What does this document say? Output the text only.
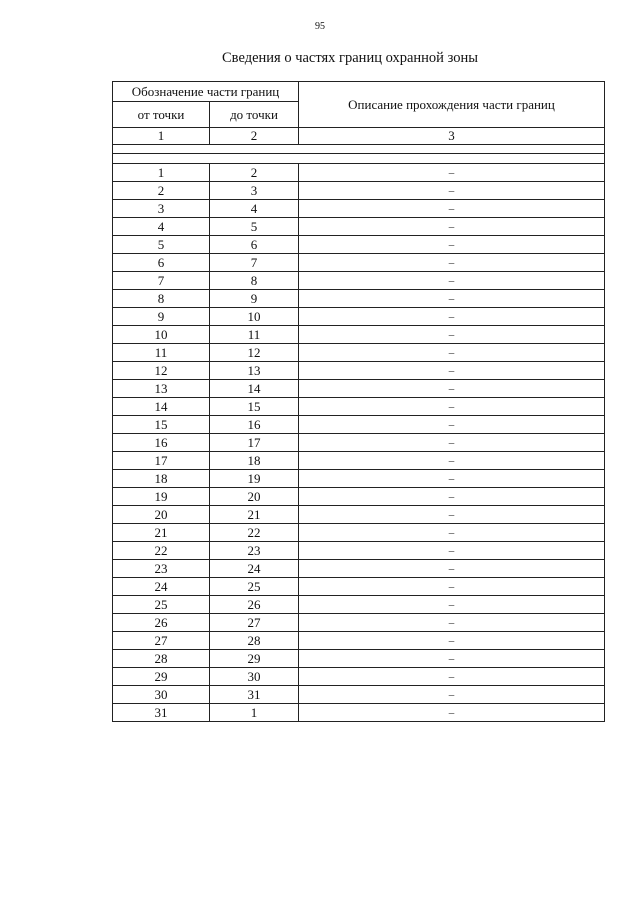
95
Сведения о частях границ охранной зоны
Обозначение части границ		Описание прохождения части границ
от точки	до точки	
1	2	3

1	2	–
2	3	–
3	4	–
4	5	–
5	6	–
6	7	–
7	8	–
8	9	–
9	10	–
10	11	–
11	12	–
12	13	–
13	14	–
14	15	–
15	16	–
16	17	–
17	18	–
18	19	–
19	20	–
20	21	–
21	22	–
22	23	–
23	24	–
24	25	–
25	26	–
26	27	–
27	28	–
28	29	–
29	30	–
30	31	–
31	1	–
